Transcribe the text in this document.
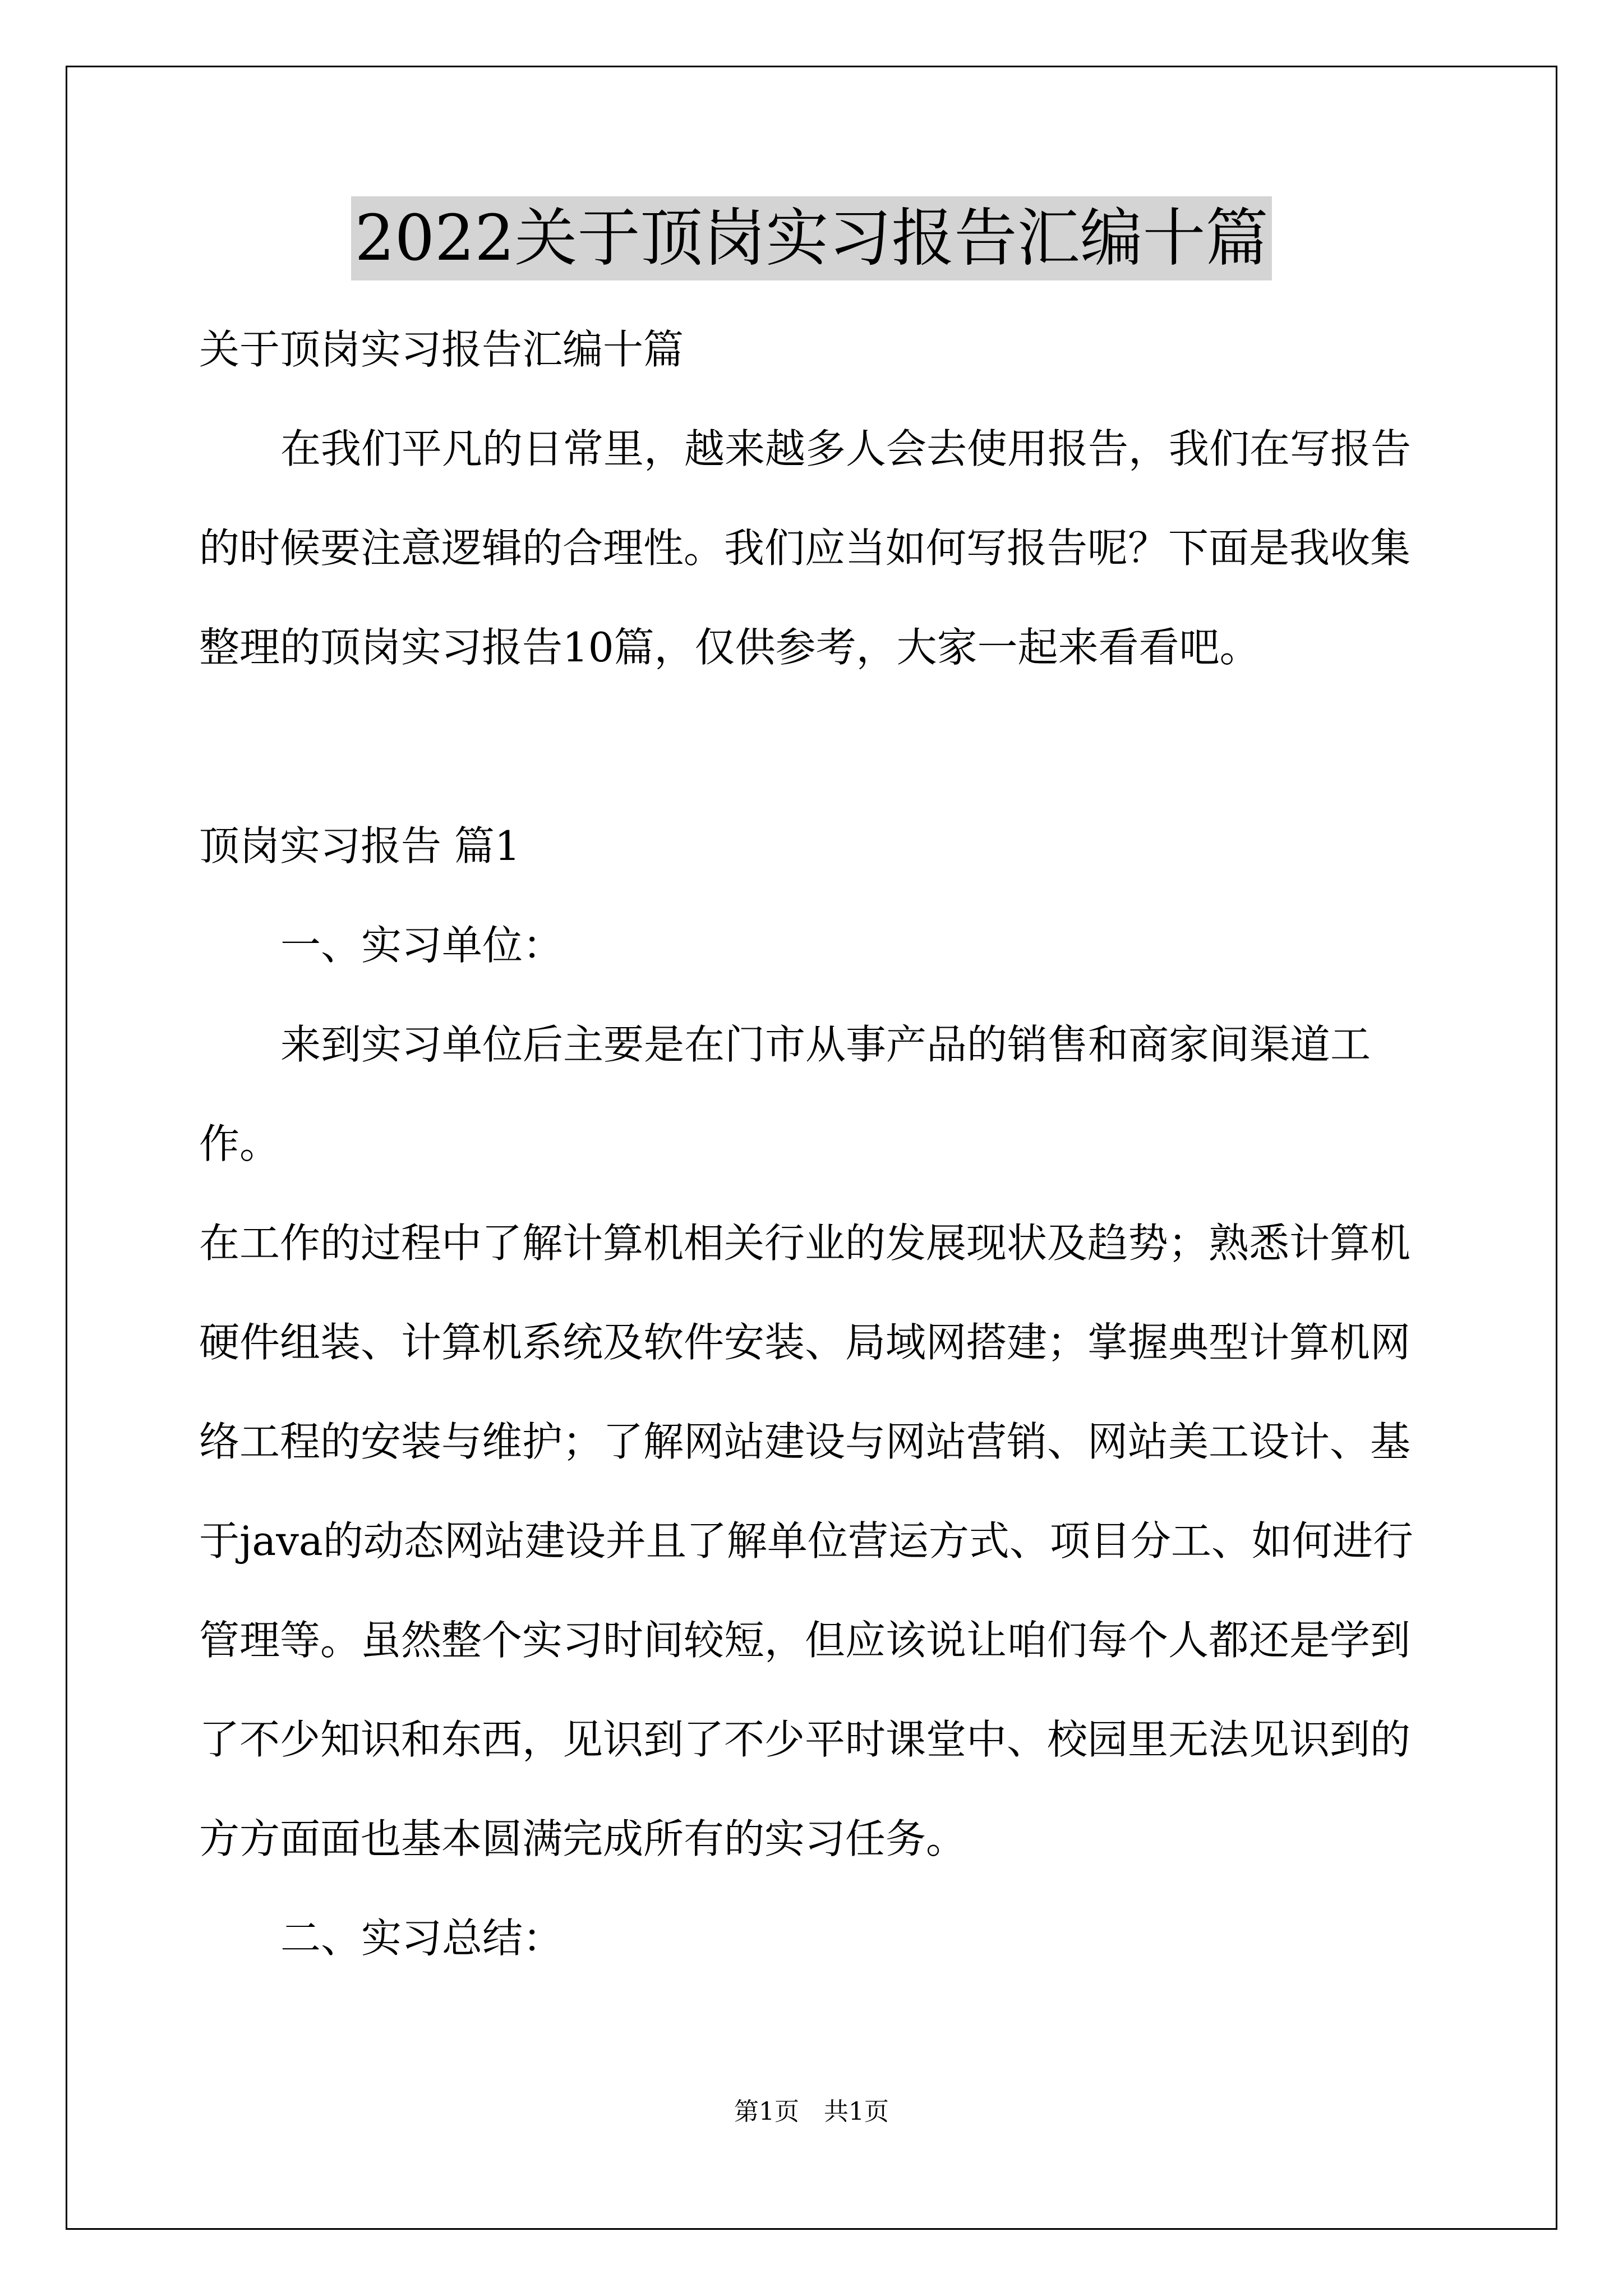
2022关于顶岗实习报告汇编十篇

关于顶岗实习报告汇编十篇

在我们平凡的日常里，越来越多人会去使用报告，我们在写报告

的时候要注意逻辑的合理性。我们应当如何写报告呢？下面是我收集

整理的顶岗实习报告10篇，仅供参考，大家一起来看看吧。

顶岗实习报告 篇1

一、实习单位：

来到实习单位后主要是在门市从事产品的销售和商家间渠道工作。

在工作的过程中了解计算机相关行业的发展现状及趋势；熟悉计算机

硬件组装、计算机系统及软件安装、局域网搭建；掌握典型计算机网

络工程的安装与维护；了解网站建设与网站营销、网站美工设计、基

于java的动态网站建设并且了解单位营运方式、项目分工、如何进行

管理等。虽然整个实习时间较短，但应该说让咱们每个人都还是学到

了不少知识和东西，见识到了不少平时课堂中、校园里无法见识到的

方方面面也基本圆满完成所有的实习任务。

二、实习总结：

第1页　共1页
